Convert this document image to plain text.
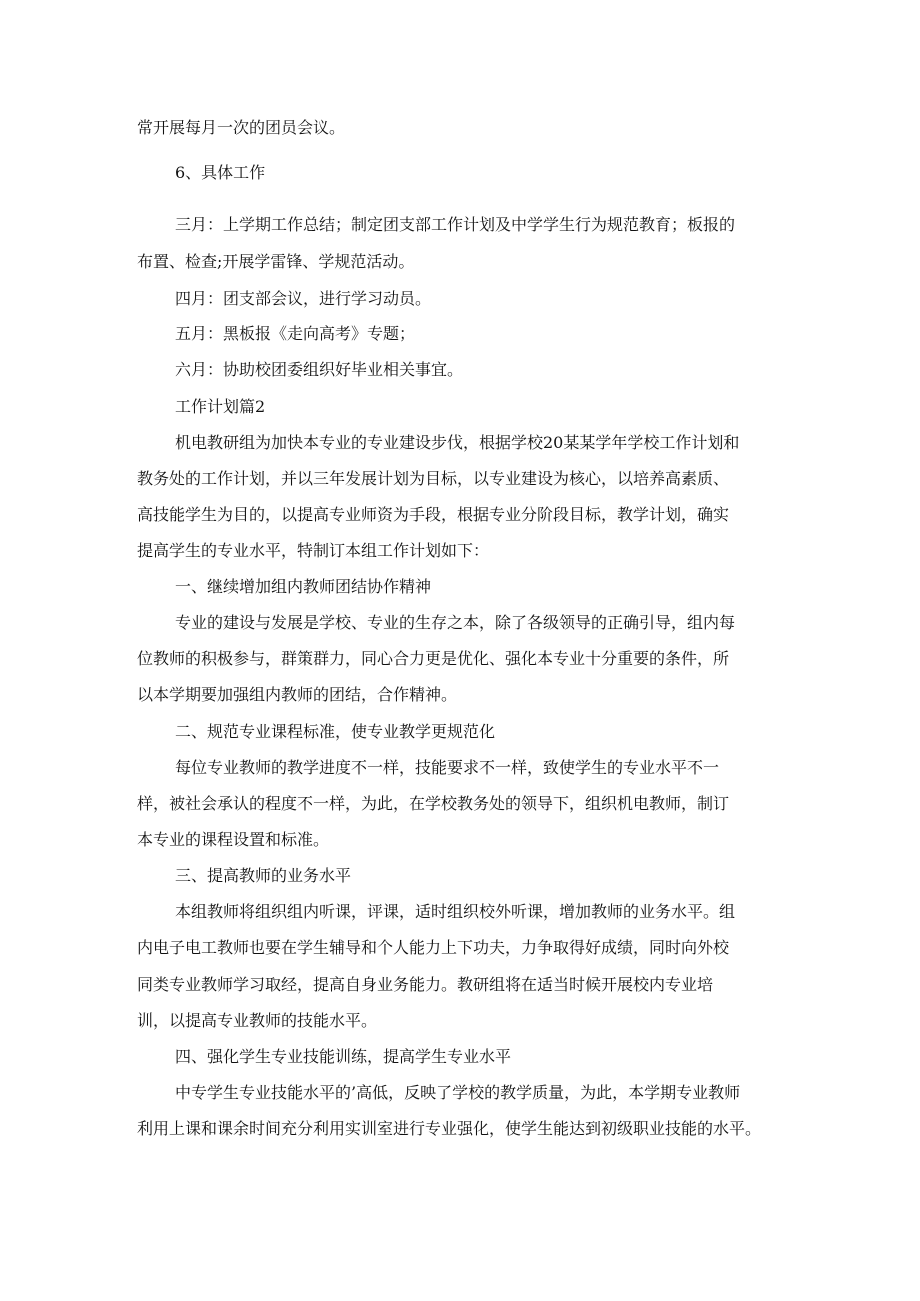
常开展每月一次的团员会议。

6、具体工作

三月：上学期工作总结；制定团支部工作计划及中学学生行为规范教育；板报的

布置、检查;开展学雷锋、学规范活动。

四月：团支部会议，进行学习动员。

五月：黑板报《走向高考》专题；

六月：协助校团委组织好毕业相关事宜。

工作计划篇2

机电教研组为加快本专业的专业建设步伐，根据学校20某某学年学校工作计划和

教务处的工作计划，并以三年发展计划为目标，以专业建设为核心，以培养高素质、

高技能学生为目的，以提高专业师资为手段，根据专业分阶段目标，教学计划，确实

提高学生的专业水平，特制订本组工作计划如下：

一、继续增加组内教师团结协作精神

专业的建设与发展是学校、专业的生存之本，除了各级领导的正确引导，组内每

位教师的积极参与，群策群力，同心合力更是优化、强化本专业十分重要的条件，所

以本学期要加强组内教师的团结，合作精神。

二、规范专业课程标准，使专业教学更规范化

每位专业教师的教学进度不一样，技能要求不一样，致使学生的专业水平不一

样，被社会承认的程度不一样，为此，在学校教务处的领导下，组织机电教师，制订

本专业的课程设置和标准。

三、提高教师的业务水平

本组教师将组织组内听课，评课，适时组织校外听课，增加教师的业务水平。组

内电子电工教师也要在学生辅导和个人能力上下功夫，力争取得好成绩，同时向外校

同类专业教师学习取经，提高自身业务能力。教研组将在适当时候开展校内专业培

训，以提高专业教师的技能水平。

四、强化学生专业技能训练，提高学生专业水平

中专学生专业技能水平的’高低，反映了学校的教学质量，为此，本学期专业教师

利用上课和课余时间充分利用实训室进行专业强化，使学生能达到初级职业技能的水平。
